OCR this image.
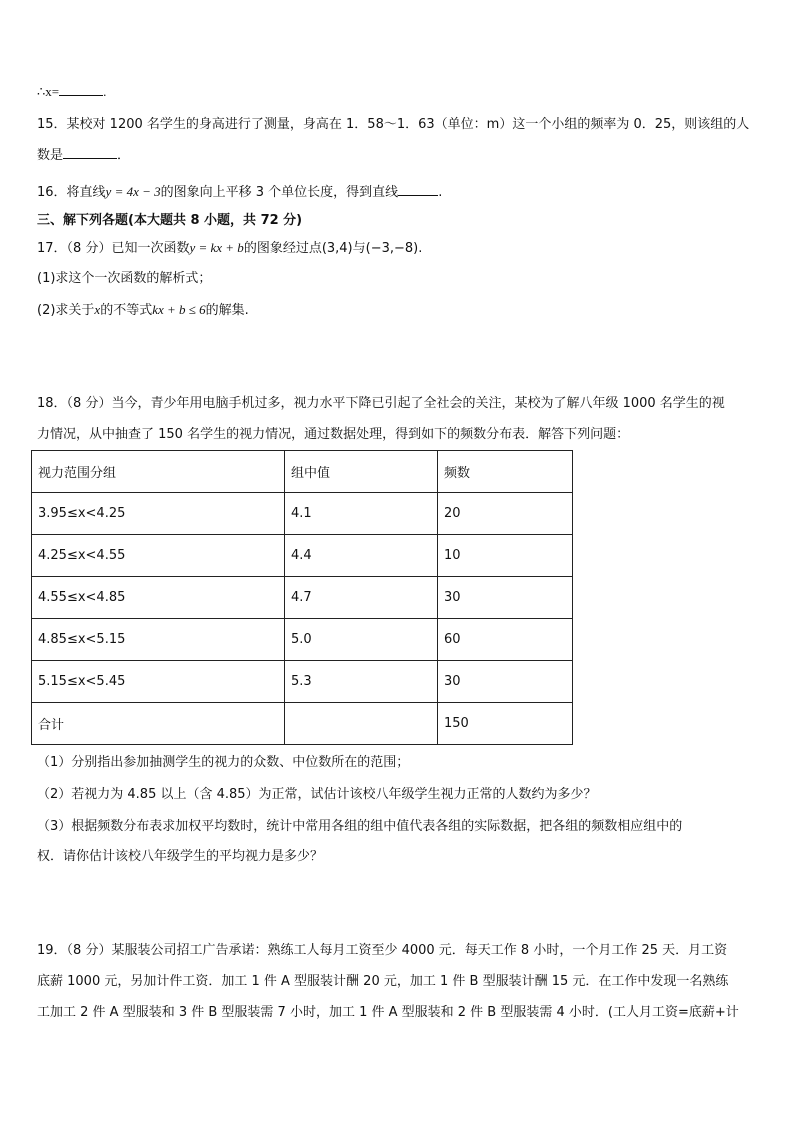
∴x=	.
15．某校对 1200 名学生的身高进行了测量，身高在 1．58～1．63（单位：m）这一个小组的频率为 0．25，则该组的人
数是	．
16．将直线y = 4x − 3的图象向上平移 3 个单位长度，得到直线	.
三、解下列各题(本大题共 8 小题，共 72 分)
17．（8 分）已知一次函数y = kx + b的图象经过点(3,4)与(−3,−8).
(1)求这个一次函数的解析式；
(2)求关于x的不等式kx + b ≤ 6的解集.
18．（8 分）当今，青少年用电脑手机过多，视力水平下降已引起了全社会的关注，某校为了解八年级 1000 名学生的视
力情况，从中抽查了 150 名学生的视力情况，通过数据处理，得到如下的频数分布表．解答下列问题：
视力范围分组	组中值	频数
3.95≤x<4.25	4.1	20
4.25≤x<4.55	4.4	10
4.55≤x<4.85	4.7	30
4.85≤x<5.15	5.0	60
5.15≤x<5.45	5.3	30
合计		150
（1）分别指出参加抽测学生的视力的众数、中位数所在的范围；
（2）若视力为 4.85 以上（含 4.85）为正常，试估计该校八年级学生视力正常的人数约为多少？
（3）根据频数分布表求加权平均数时，统计中常用各组的组中值代表各组的实际数据，把各组的频数相应组中的
权．请你估计该校八年级学生的平均视力是多少？
19．（8 分）某服装公司招工广告承诺：熟练工人每月工资至少 4000 元．每天工作 8 小时，一个月工作 25 天．月工资
底薪 1000 元，另加计件工资．加工 1 件 A 型服装计酬 20 元，加工 1 件 B 型服装计酬 15 元．在工作中发现一名熟练
工加工 2 件 A 型服装和 3 件 B 型服装需 7 小时，加工 1 件 A 型服装和 2 件 B 型服装需 4 小时．(工人月工资=底薪+计
